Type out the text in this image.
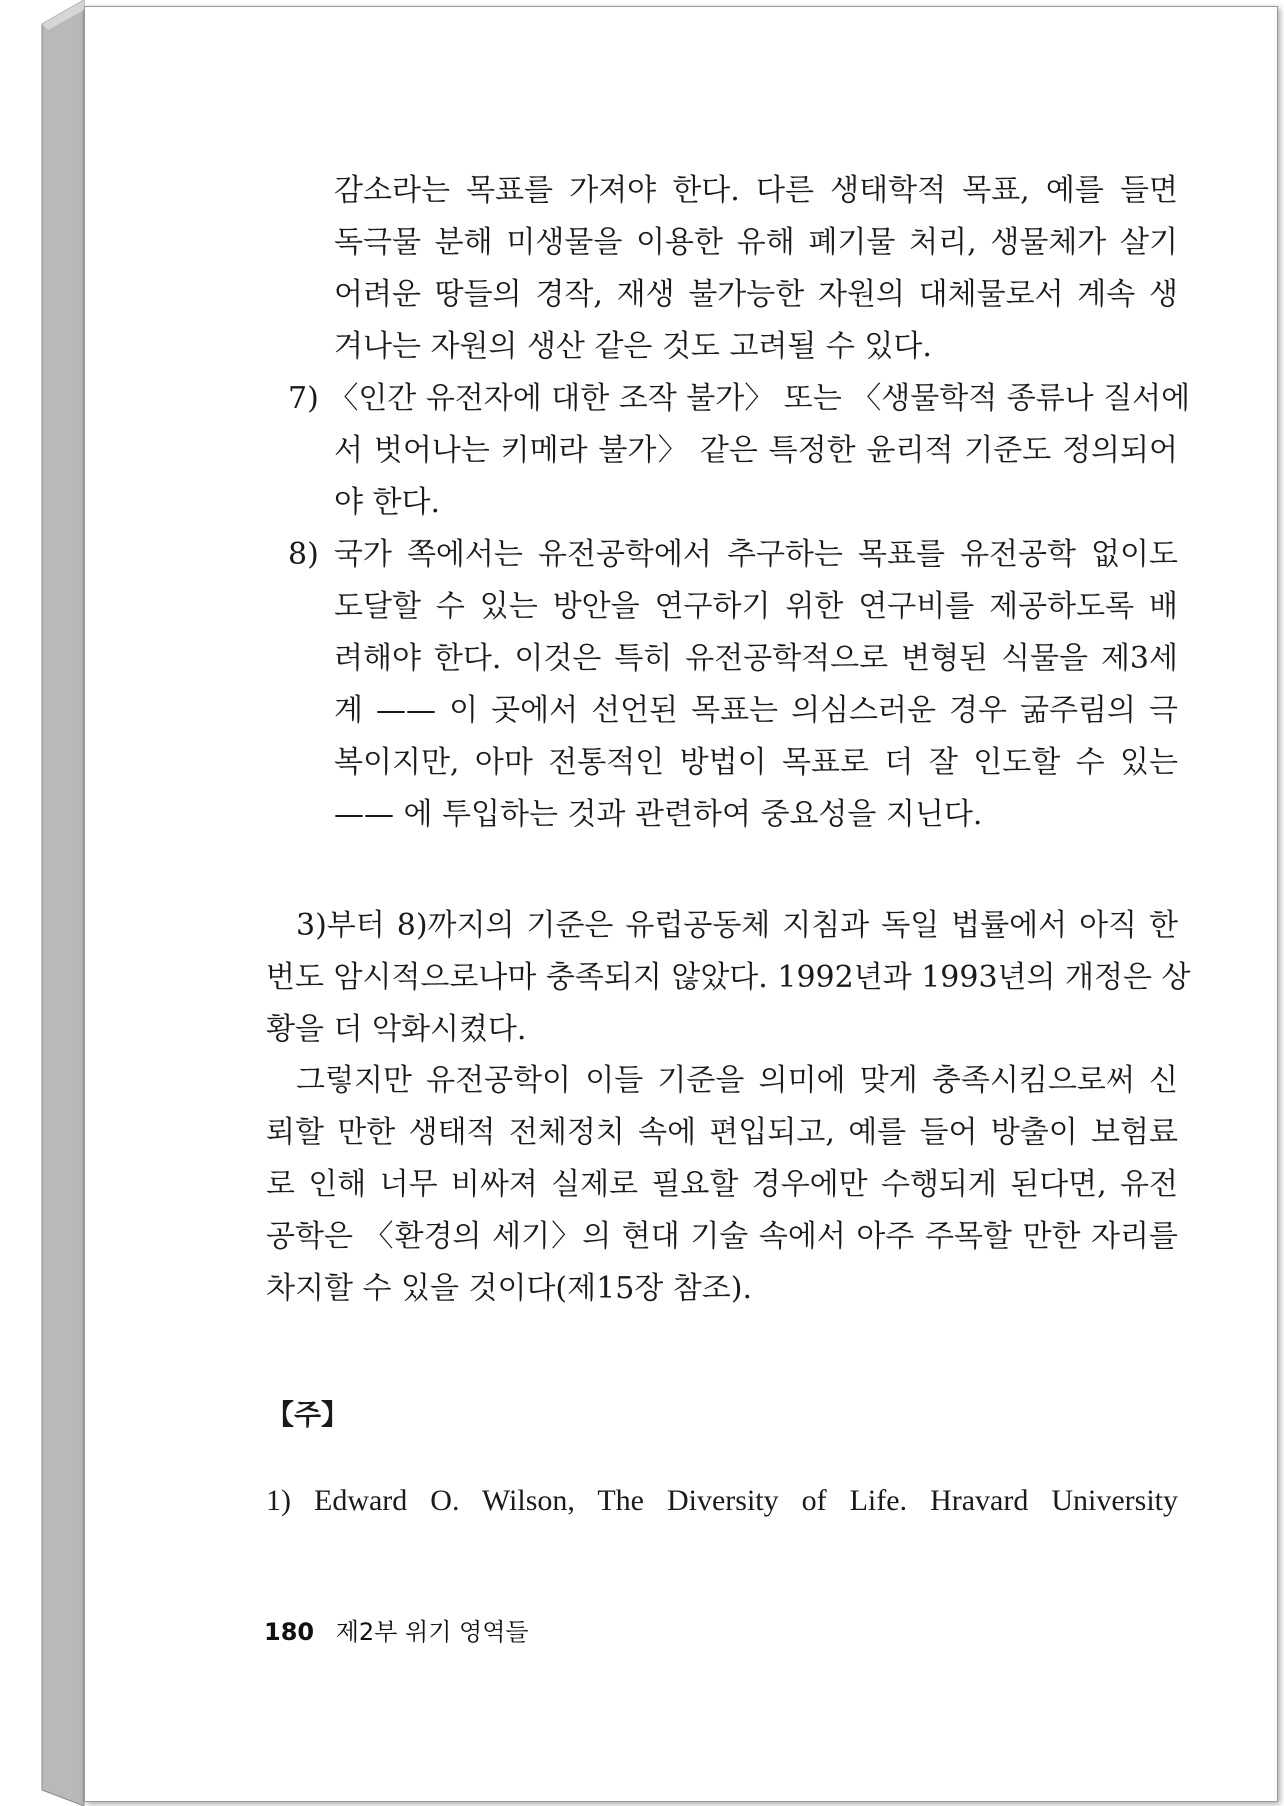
감소라는 목표를 가져야 한다. 다른 생태학적 목표, 예를 들면
독극물 분해 미생물을 이용한 유해 폐기물 처리, 생물체가 살기
어려운 땅들의 경작, 재생 불가능한 자원의 대체물로서 계속 생
겨나는 자원의 생산 같은 것도 고려될 수 있다.
7) 〈인간 유전자에 대한 조작 불가〉 또는 〈생물학적 종류나 질서에
서 벗어나는 키메라 불가〉 같은 특정한 윤리적 기준도 정의되어
야 한다.
8) 국가 쪽에서는 유전공학에서 추구하는 목표를 유전공학 없이도
도달할 수 있는 방안을 연구하기 위한 연구비를 제공하도록 배
려해야 한다. 이것은 특히 유전공학적으로 변형된 식물을 제3세
계 —— 이 곳에서 선언된 목표는 의심스러운 경우 굶주림의 극
복이지만, 아마 전통적인 방법이 목표로 더 잘 인도할 수 있는
—— 에 투입하는 것과 관련하여 중요성을 지닌다.
3)부터 8)까지의 기준은 유럽공동체 지침과 독일 법률에서 아직 한
번도 암시적으로나마 충족되지 않았다. 1992년과 1993년의 개정은 상
황을 더 악화시켰다.
그렇지만 유전공학이 이들 기준을 의미에 맞게 충족시킴으로써 신
뢰할 만한 생태적 전체정치 속에 편입되고, 예를 들어 방출이 보험료
로 인해 너무 비싸져 실제로 필요할 경우에만 수행되게 된다면, 유전
공학은 〈환경의 세기〉의 현대 기술 속에서 아주 주목할 만한 자리를
차지할 수 있을 것이다(제15장 참조).
【주】
1) Edward O. Wilson, The Diversity of Life. Hravard University
180 제2부 위기 영역들
